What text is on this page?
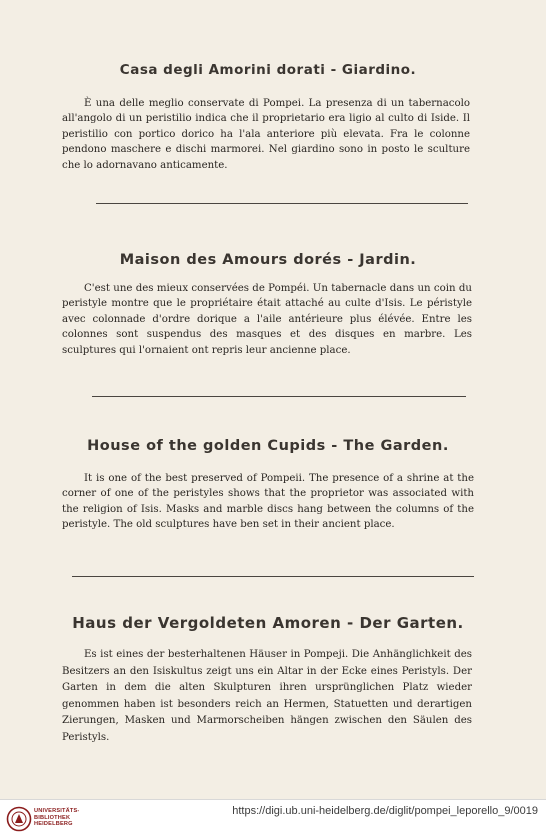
Casa degli Amorini dorati - Giardino.

È una delle meglio conservate di Pompei. La presenza di un tabernacolo all'angolo di un peristilio indica che il proprietario era ligio al culto di Iside. Il peristilio con portico dorico ha l'ala anteriore più elevata. Fra le colonne pendono maschere e dischi marmorei. Nel giardino sono in posto le sculture che lo adornavano anticamente.

Maison des Amours dorés - Jardin.

C'est une des mieux conservées de Pompéi. Un tabernacle dans un coin du peristyle montre que le propriétaire était attaché au culte d'Isis. Le péristyle avec colonnade d'ordre dorique a l'aile antérieure plus élévée. Entre les colonnes sont suspendus des masques et des disques en marbre. Les sculptures qui l'ornaient ont repris leur ancienne place.

House of the golden Cupids - The Garden.

It is one of the best preserved of Pompeii. The presence of a shrine at the corner of one of the peristyles shows that the proprietor was associated with the religion of Isis. Masks and marble discs hang between the columns of the peristyle. The old sculptures have ben set in their ancient place.

Haus der Vergoldeten Amoren - Der Garten.

Es ist eines der besterhaltenen Häuser in Pompeji. Die Anhänglichkeit des Besitzers an den Isiskultus zeigt uns ein Altar in der Ecke eines Peristyls. Der Garten in dem die alten Skulpturen ihren ursprünglichen Platz wieder genommen haben ist besonders reich an Hermen, Statuetten und derartigen Zierungen, Masken und Marmorscheiben hängen zwischen den Säulen des Peristyls.

UNIVERSITÄTS-
BIBLIOTHEK
HEIDELBERG
https://digi.ub.uni-heidelberg.de/diglit/pompei_leporello_9/0019
